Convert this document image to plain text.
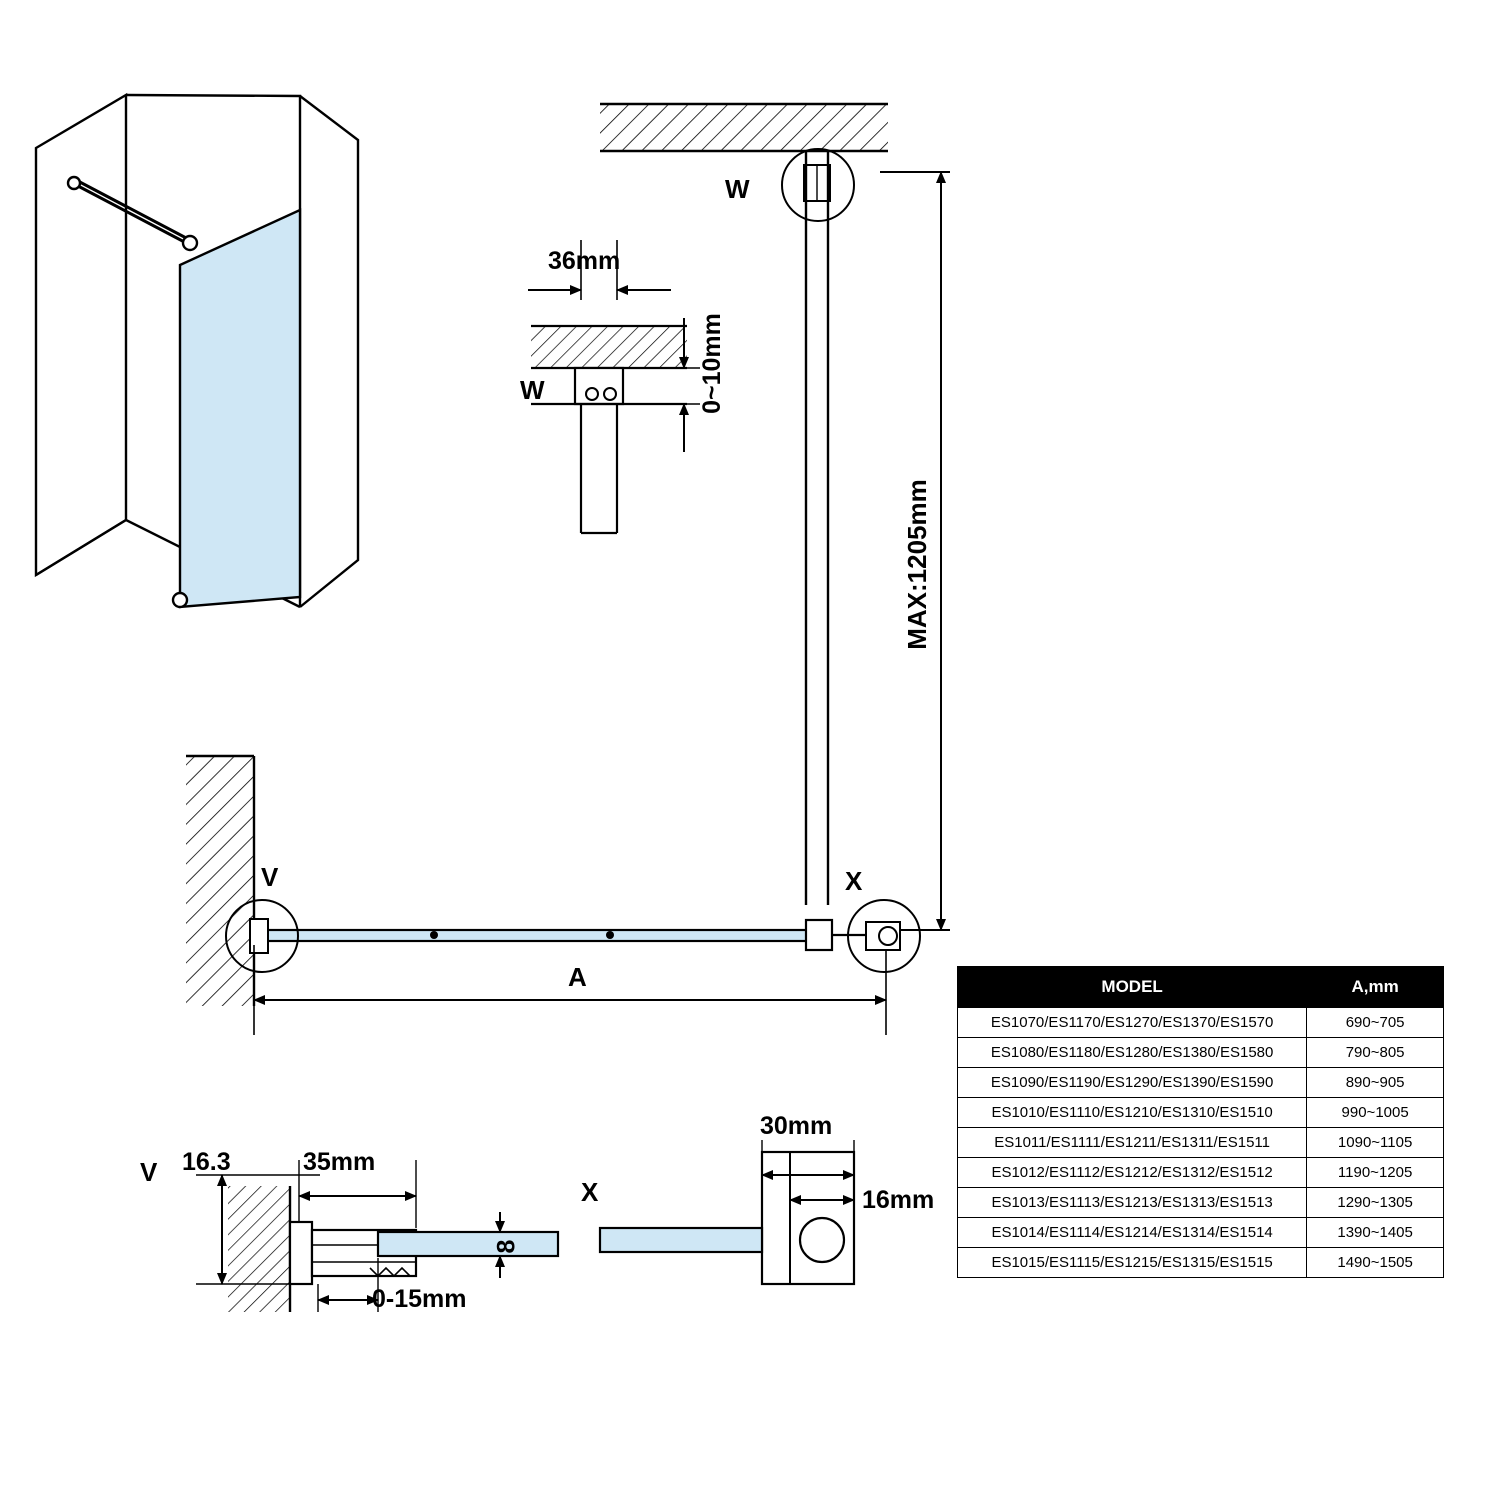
W
W
V	X
V
X
36mm
0~10mm
MAX:1205mm
A
16.3	35mm
8
0-15mm
30mm
16mm
MODEL	A,mm
ES1070/ES1170/ES1270/ES1370/ES1570	690~705
ES1080/ES1180/ES1280/ES1380/ES1580	790~805
ES1090/ES1190/ES1290/ES1390/ES1590	890~905
ES1010/ES1110/ES1210/ES1310/ES1510	990~1005
ES1011/ES1111/ES1211/ES1311/ES1511	1090~1105
ES1012/ES1112/ES1212/ES1312/ES1512	1190~1205
ES1013/ES1113/ES1213/ES1313/ES1513	1290~1305
ES1014/ES1114/ES1214/ES1314/ES1514	1390~1405
ES1015/ES1115/ES1215/ES1315/ES1515	1490~1505
